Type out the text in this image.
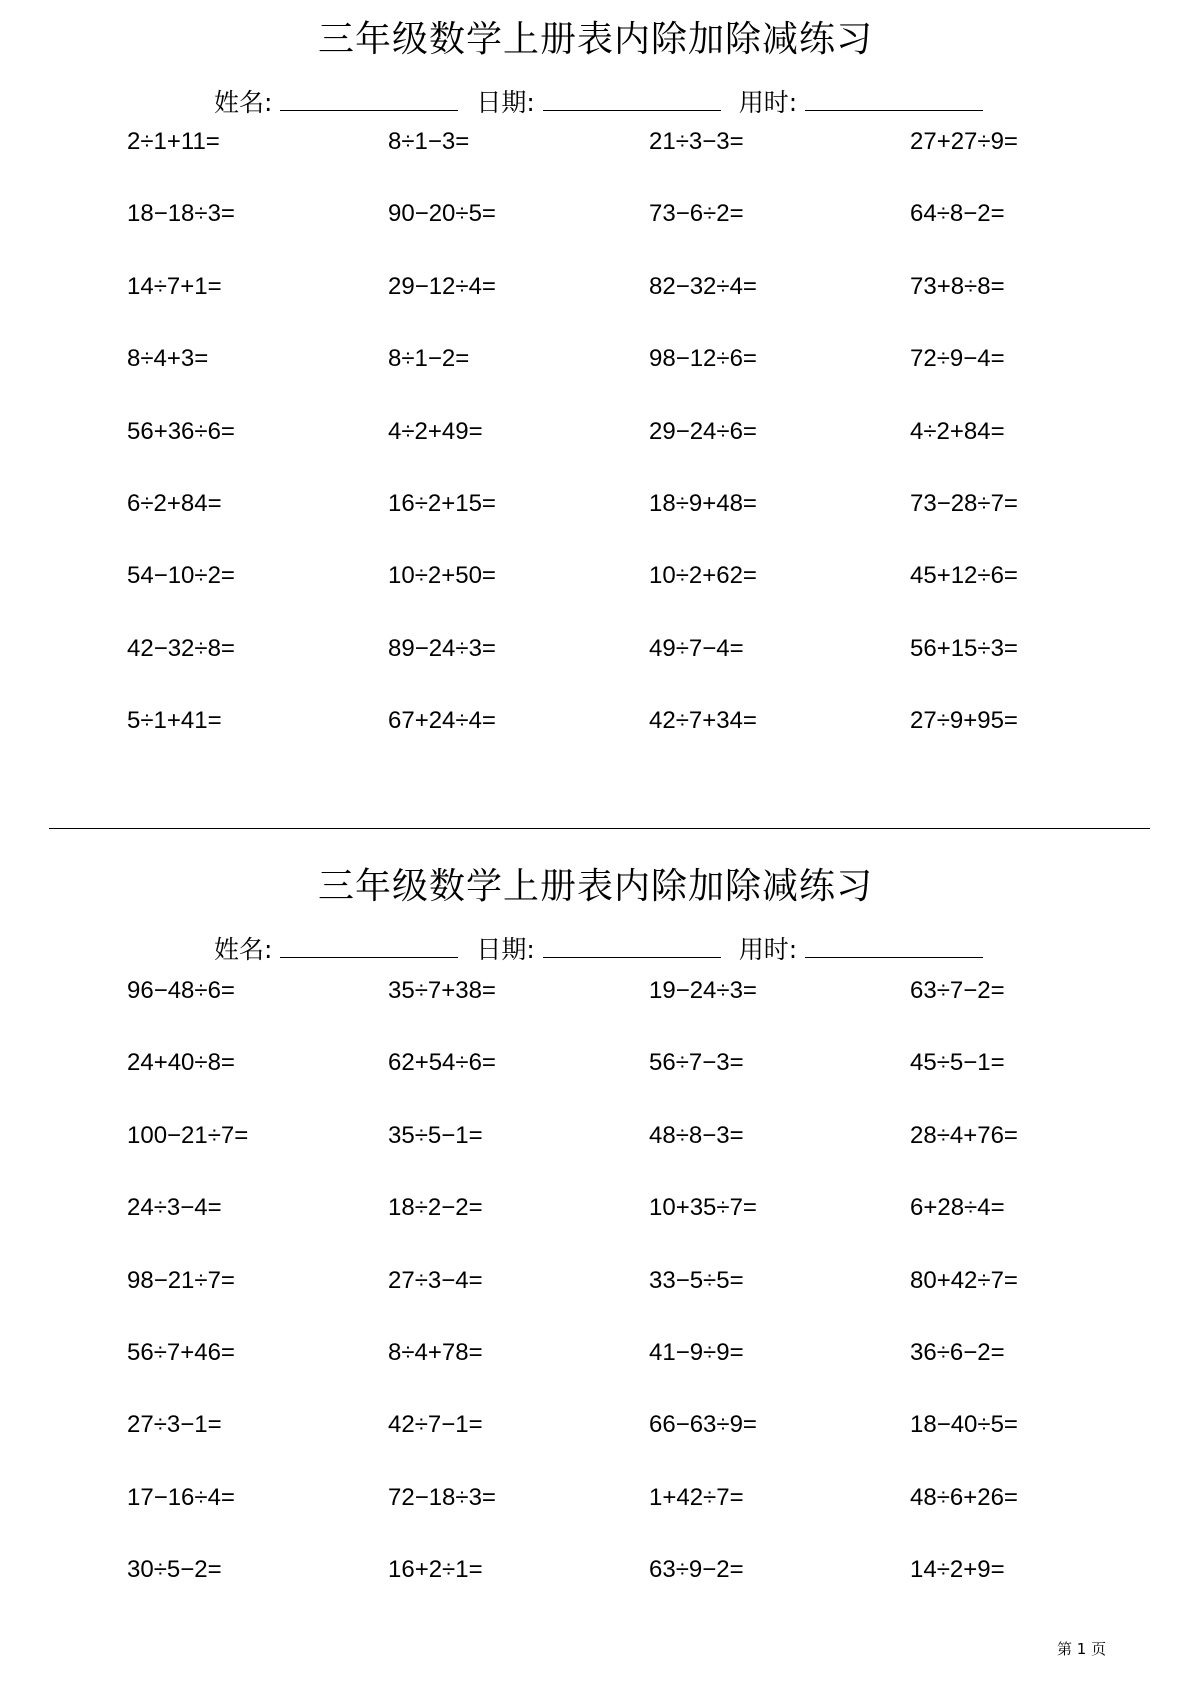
三年级数学上册表内除加除减练习
姓名:	日期:	用时:
2÷1+11=	8÷1−3=	21÷3−3=	27+27÷9=
18−18÷3=	90−20÷5=	73−6÷2=	64÷8−2=
14÷7+1=	29−12÷4=	82−32÷4=	73+8÷8=
8÷4+3=	8÷1−2=	98−12÷6=	72÷9−4=
56+36÷6=	4÷2+49=	29−24÷6=	4÷2+84=
6÷2+84=	16÷2+15=	18÷9+48=	73−28÷7=
54−10÷2=	10÷2+50=	10÷2+62=	45+12÷6=
42−32÷8=	89−24÷3=	49÷7−4=	56+15÷3=
5÷1+41=	67+24÷4=	42÷7+34=	27÷9+95=
三年级数学上册表内除加除减练习
姓名:	日期:	用时:
96−48÷6=	35÷7+38=	19−24÷3=	63÷7−2=
24+40÷8=	62+54÷6=	56÷7−3=	45÷5−1=
100−21÷7=	35÷5−1=	48÷8−3=	28÷4+76=
24÷3−4=	18÷2−2=	10+35÷7=	6+28÷4=
98−21÷7=	27÷3−4=	33−5÷5=	80+42÷7=
56÷7+46=	8÷4+78=	41−9÷9=	36÷6−2=
27÷3−1=	42÷7−1=	66−63÷9=	18−40÷5=
17−16÷4=	72−18÷3=	1+42÷7=	48÷6+26=
30÷5−2=	16+2÷1=	63÷9−2=	14÷2+9=
第 1 页
